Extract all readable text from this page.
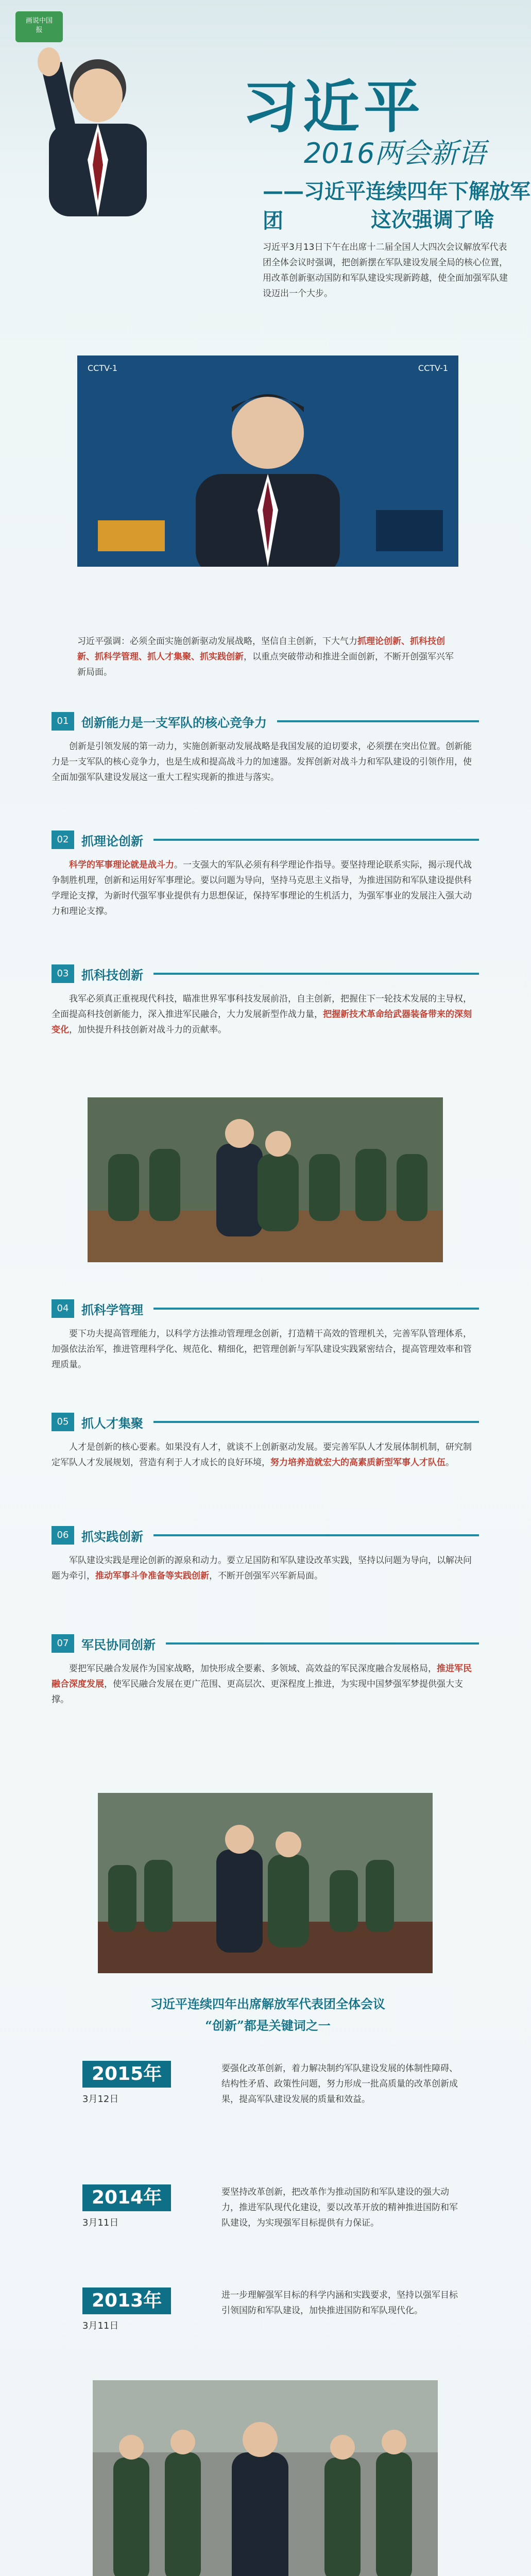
画说中国
报
习近平
2016两会新语
——习近平连续四年下解放军团	这次强调了啥
习近平3月13日下午在出席十二届全国人大四次会议解放军代表团全体会议时强调，把创新摆在军队建设发展全局的核心位置，用改革创新驱动国防和军队建设实现新跨越，使全面加强军队建设迈出一个大步。
CCTV-1	CCTV-1
习近平强调：必须全面实施创新驱动发展战略，坚信自主创新，下大气力抓理论创新、抓科技创新、抓科学管理、抓人才集聚、抓实践创新，以重点突破带动和推进全面创新，不断开创强军兴军新局面。
01	创新能力是一支军队的核心竞争力
创新是引领发展的第一动力，实施创新驱动发展战略是我国发展的迫切要求，必须摆在突出位置。创新能力是一支军队的核心竞争力，也是生成和提高战斗力的加速器。发挥创新对战斗力和军队建设的引领作用，使全面加强军队建设发展这一重大工程实现新的推进与落实。
02	抓理论创新
科学的军事理论就是战斗力。一支强大的军队必须有科学理论作指导。要坚持理论联系实际，揭示现代战争制胜机理，创新和运用好军事理论。要以问题为导向，坚持马克思主义指导，为推进国防和军队建设提供科学理论支撑，为新时代强军事业提供有力思想保证，保持军事理论的生机活力，为强军事业的发展注入强大动力和理论支撑。
03	抓科技创新
我军必须真正重视现代科技，瞄准世界军事科技发展前沿，自主创新，把握住下一轮技术发展的主导权，全面提高科技创新能力，深入推进军民融合，大力发展新型作战力量，把握新技术革命给武器装备带来的深刻变化，加快提升科技创新对战斗力的贡献率。
04	抓科学管理
要下功夫提高管理能力，以科学方法推动管理理念创新，打造精干高效的管理机关，完善军队管理体系，加强依法治军，推进管理科学化、规范化、精细化，把管理创新与军队建设实践紧密结合，提高管理效率和管理质量。
05	抓人才集聚
人才是创新的核心要素。如果没有人才，就谈不上创新驱动发展。要完善军队人才发展体制机制，研究制定军队人才发展规划，营造有利于人才成长的良好环境，努力培养造就宏大的高素质新型军事人才队伍。
06	抓实践创新
军队建设实践是理论创新的源泉和动力。要立足国防和军队建设改革实践，坚持以问题为导向，以解决问题为牵引，推动军事斗争准备等实践创新，不断开创强军兴军新局面。
07	军民协同创新
要把军民融合发展作为国家战略，加快形成全要素、多领域、高效益的军民深度融合发展格局，推进军民融合深度发展，使军民融合发展在更广范围、更高层次、更深程度上推进，为实现中国梦强军梦提供强大支撑。
习近平连续四年出席解放军代表团全体会议
“创新”都是关键词之一
2015年
3月12日
要强化改革创新，着力解决制约军队建设发展的体制性障碍、结构性矛盾、政策性问题，努力形成一批高质量的改革创新成果，提高军队建设发展的质量和效益。
2014年
3月11日
要坚持改革创新，把改革作为推动国防和军队建设的强大动力，推进军队现代化建设，要以改革开放的精神推进国防和军队建设，为实现强军目标提供有力保证。
2013年
3月11日
进一步理解强军目标的科学内涵和实践要求，坚持以强军目标引领国防和军队建设，加快推进国防和军队现代化。
